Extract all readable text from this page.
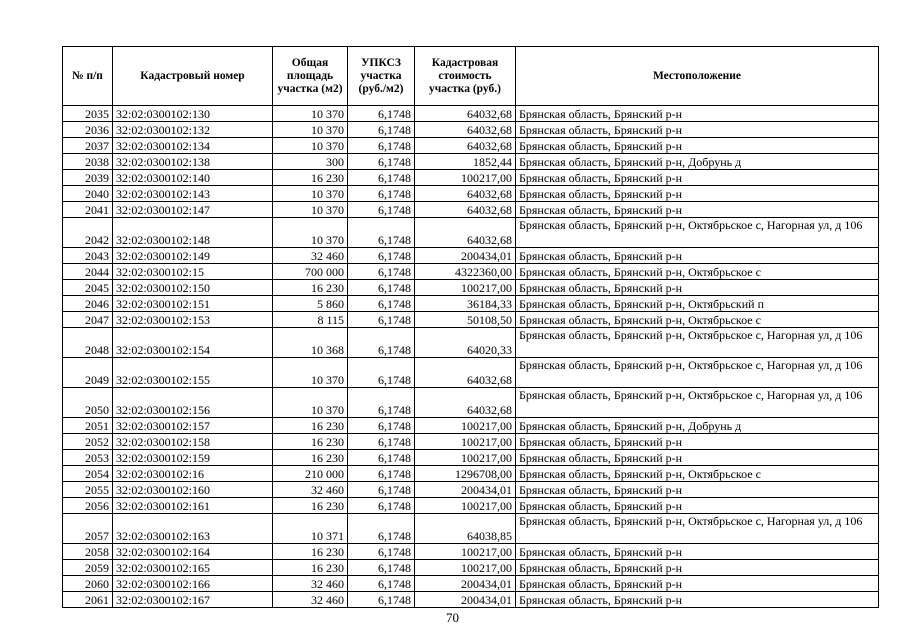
№ п/п	Кадастровый номер	Общая площадь участка (м2)	УПКСЗ участка (руб./м2)	Кадастровая стоимость участка (руб.)	Местоположение
2035	32:02:0300102:130	10 370	6,1748	64032,68	Брянская область, Брянский р-н
2036	32:02:0300102:132	10 370	6,1748	64032,68	Брянская область, Брянский р-н
2037	32:02:0300102:134	10 370	6,1748	64032,68	Брянская область, Брянский р-н
2038	32:02:0300102:138	300	6,1748	1852,44	Брянская область, Брянский р-н, Добрунь д
2039	32:02:0300102:140	16 230	6,1748	100217,00	Брянская область, Брянский р-н
2040	32:02:0300102:143	10 370	6,1748	64032,68	Брянская область, Брянский р-н
2041	32:02:0300102:147	10 370	6,1748	64032,68	Брянская область, Брянский р-н
2042	32:02:0300102:148	10 370	6,1748	64032,68	Брянская область, Брянский р-н, Октябрьское с, Нагорная ул, д 106
2043	32:02:0300102:149	32 460	6,1748	200434,01	Брянская область, Брянский р-н
2044	32:02:0300102:15	700 000	6,1748	4322360,00	Брянская область, Брянский р-н, Октябрьское с
2045	32:02:0300102:150	16 230	6,1748	100217,00	Брянская область, Брянский р-н
2046	32:02:0300102:151	5 860	6,1748	36184,33	Брянская область, Брянский р-н, Октябрьский п
2047	32:02:0300102:153	8 115	6,1748	50108,50	Брянская область, Брянский р-н, Октябрьское с
2048	32:02:0300102:154	10 368	6,1748	64020,33	Брянская область, Брянский р-н, Октябрьское с, Нагорная ул, д 106
2049	32:02:0300102:155	10 370	6,1748	64032,68	Брянская область, Брянский р-н, Октябрьское с, Нагорная ул, д 106
2050	32:02:0300102:156	10 370	6,1748	64032,68	Брянская область, Брянский р-н, Октябрьское с, Нагорная ул, д 106
2051	32:02:0300102:157	16 230	6,1748	100217,00	Брянская область, Брянский р-н, Добрунь д
2052	32:02:0300102:158	16 230	6,1748	100217,00	Брянская область, Брянский р-н
2053	32:02:0300102:159	16 230	6,1748	100217,00	Брянская область, Брянский р-н
2054	32:02:0300102:16	210 000	6,1748	1296708,00	Брянская область, Брянский р-н, Октябрьское с
2055	32:02:0300102:160	32 460	6,1748	200434,01	Брянская область, Брянский р-н
2056	32:02:0300102:161	16 230	6,1748	100217,00	Брянская область, Брянский р-н
2057	32:02:0300102:163	10 371	6,1748	64038,85	Брянская область, Брянский р-н, Октябрьское с, Нагорная ул, д 106
2058	32:02:0300102:164	16 230	6,1748	100217,00	Брянская область, Брянский р-н
2059	32:02:0300102:165	16 230	6,1748	100217,00	Брянская область, Брянский р-н
2060	32:02:0300102:166	32 460	6,1748	200434,01	Брянская область, Брянский р-н
2061	32:02:0300102:167	32 460	6,1748	200434,01	Брянская область, Брянский р-н
70
